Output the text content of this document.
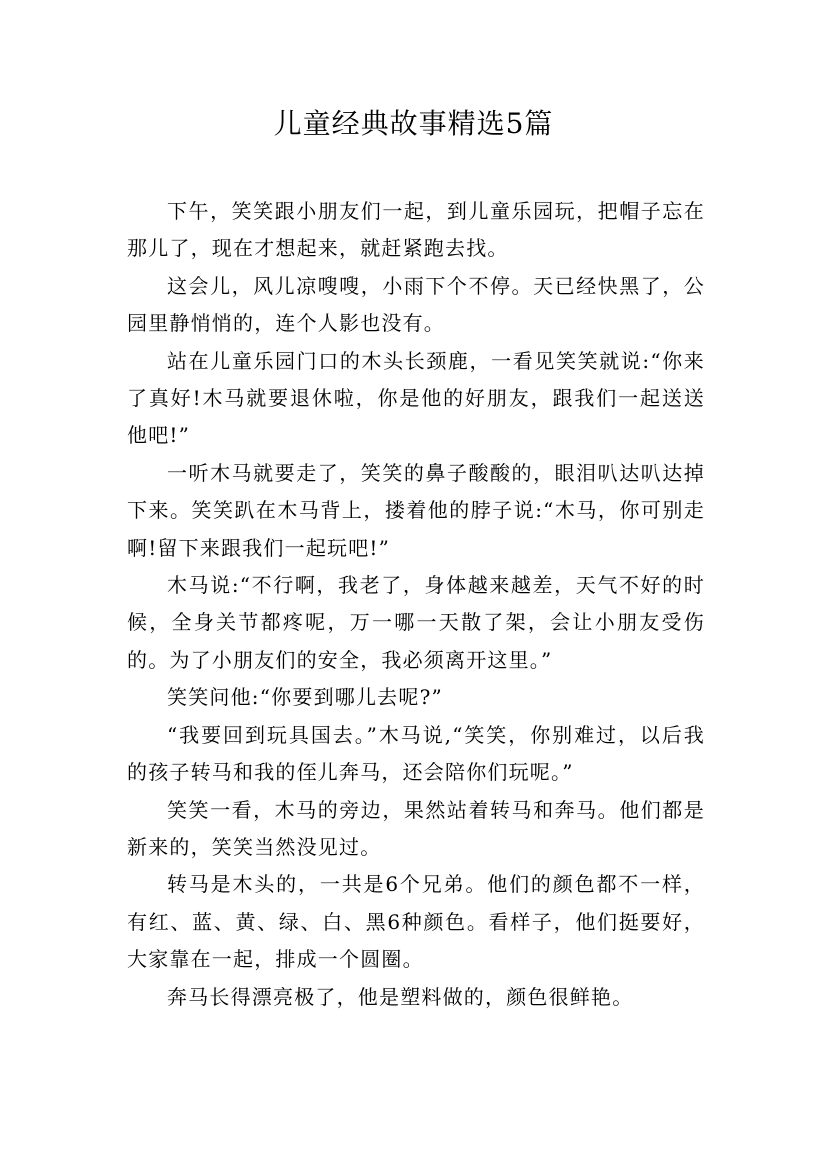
儿童经典故事精选5篇

下午，笑笑跟小朋友们一起，到儿童乐园玩，把帽子忘在那儿了，现在才想起来，就赶紧跑去找。

这会儿，风儿凉嗖嗖，小雨下个不停。天已经快黑了，公园里静悄悄的，连个人影也没有。

站在儿童乐园门口的木头长颈鹿，一看见笑笑就说:“你来了真好!木马就要退休啦，你是他的好朋友，跟我们一起送送他吧!”

一听木马就要走了，笑笑的鼻子酸酸的，眼泪叭达叭达掉下来。笑笑趴在木马背上，搂着他的脖子说:“木马，你可别走啊!留下来跟我们一起玩吧!”

木马说:“不行啊，我老了，身体越来越差，天气不好的时候，全身关节都疼呢，万一哪一天散了架，会让小朋友受伤的。为了小朋友们的安全，我必须离开这里。”

笑笑问他:“你要到哪儿去呢?”

“我要回到玩具国去。”木马说,“笑笑，你别难过，以后我的孩子转马和我的侄儿奔马，还会陪你们玩呢。”

笑笑一看，木马的旁边，果然站着转马和奔马。他们都是新来的，笑笑当然没见过。

转马是木头的，一共是6个兄弟。他们的颜色都不一样，有红、蓝、黄、绿、白、黑6种颜色。看样子，他们挺要好，大家靠在一起，排成一个圆圈。

奔马长得漂亮极了，他是塑料做的，颜色很鲜艳。
